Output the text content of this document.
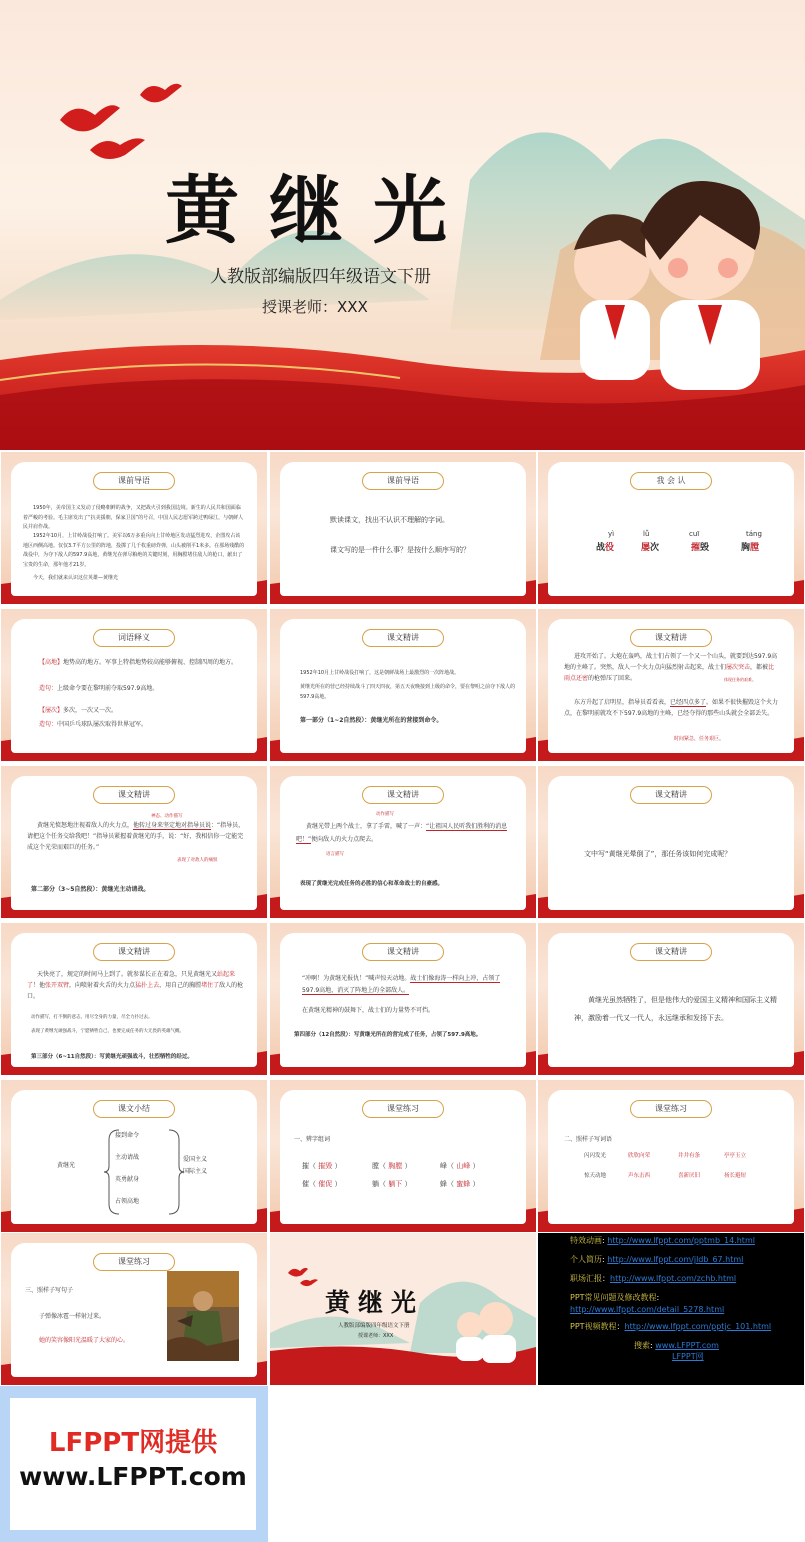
黄继光
人教版部编版四年级语文下册
授课老师：XXX
课前导语
1950年，美帝国主义发动了侵略朝鲜的战争，又把战火引到我国边境。新生的人民共和国面临着严峻的考验。毛主席发出了“抗美援朝，保家卫国”的号召，中国人民志愿军跨过鸭绿江，与朝鲜人民并肩作战。
1952年10月，上甘岭战役打响了。美军以6万多重兵向上甘岭地区发动猛烈进攻，企图攻占该地区西侧高地。仅仅3.7平方公里的阵地，投掷了几千枚重磅炸弹，山头被削平1米多。在那场残酷的战役中，为夺下敌人的597.9高地，黄继光在弹尽粮绝的关键时刻，用胸膛堵住敌人的枪口，献出了宝贵的生命，那年他才21岁。
今天，我们就来认识这位英雄—黄继光
课前导语
默读课文，找出不认识不理解的字词。
课文写的是一件什么事？是按什么顺序写的？
我 会 认
yì	lǚ	cuī	táng
战役	屡次	摧毁	胸膛
词语释义
【高地】地势高的地方。军事上特指地势较高能够俯视、控制四周的地方。
造句：上级命令要在黎明前夺取597.9高地。
【屡次】多次，一次又一次。
造句：中国乒乓球队屡次取得世界冠军。
课文精讲
1952年10月上甘岭战役打响了，这是朝鲜战场上最激烈的一次阵地战。
黄继光所在的营已经持续战斗了四天四夜，第五天夜晚接到上级的命令，要在黎明之前夺下敌人的597.9高地。
第一部分（1~2自然段）：黄继光所在的营接到命令。
课文精讲
进攻开始了。大炮在轰鸣，战士们占领了一个又一个山头，就要到达597.9高地的主峰了。突然，敌人一个火力点向猛烈射击起来，战士们屡次突击，都被比雨点还密的枪弹压了回来。
东方升起了启明星，指导员看看表，已经四点多了。如果不很快摧毁这个火力点，在黎明前就攻不下597.9高地的主峰，已经夺得的那些山头就会全部丢失。
体现任务的艰难。
时间紧急，任务艰巨。
课文精讲
神态、动作描写
黄继光愤怒地注视着敌人的火力点，他转过身来坚定地对指导员说：“指导员，请把这个任务交给我吧！”指导员紧握着黄继光的手，说：“好，我相信你一定能完成这个光荣而艰巨的任务。”
表现了对敌人的痛恨
第二部分（3~5自然段）：黄继光主动请战。
课文精讲
动作描写
黄继光带上两个战士，拿了手雷，喊了一声：“让祖国人民听我们胜利的消息吧！”便向敌人的火力点爬去。
语言描写
表现了黄继光完成任务的必胜的信心和革命战士的自豪感。
课文精讲
文中写“黄继光晕倒了”，那任务该如何完成呢？
课文精讲
天快亮了，规定的时间马上到了。就参谋长正在着急，只见黄继光又站起来了！他张开双臂，向喷射着火舌的火力点猛扑上去，用自己的胸膛堵住了敌人的枪口。
动作描写，打不倒的意志，用尽全身的力量，尽全力扑过去。
表现了黄继光顽强战斗，宁愿牺牲自己，也要完成任务的大无畏的英雄气概。
第三部分（6~11自然段）：写黄继光顽强战斗，壮烈牺牲的经过。
课文精讲
“冲啊！为黄继光报仇！”喊声惊天动地。战士们像海涛一样向上冲，占领了597.9高地，消灭了阵地上的全部敌人。
在黄继光精神的鼓舞下，战士们的力量势不可挡。
第四部分（12自然段）：写黄继光所在的营完成了任务，占领了597.9高地。
课文精讲
黄继光虽然牺牲了，但是他伟大的爱国主义精神和国际主义精神，激励着一代又一代人，永远继承和发扬下去。
课文小结
黄继光
接到命令
主动请战
英勇献身
占领高地
爱国主义
国际主义
课堂练习
一、辨字组词
摧（ 摧毁 ）	膛（ 胸膛 ）	峰（ 山峰 ）
催（ 催促 ）	躺（ 躺下 ）	蜂（ 蜜蜂 ）
课堂练习
二、照样子写词语
闪闪发光	欣欣向荣	井井有条	亭亭玉立
惊天动地	声东击西	喜新厌旧	扬长避短
课堂练习
三、照样子写句子
子弹像冰雹一样射过来。
她的笑容像阳光温暖了大家的心。
黄继光
人教版部编版四年级语文下册
授课老师：XXX
特效动画: http://www.lfppt.com/pptmb_14.html
个人简历: http://www.lfppt.com/jldb_67.html
职场汇报：http://www.lfppt.com/zchb.html
PPT常见问题及修改教程:
http://www.lfppt.com/detail_5278.html
PPT视频教程：http://www.lfppt.com/pptjc_101.html
搜索: www.LFPPT.com
LFPPT网
LFPPT网提供
www.LFPPT.com
